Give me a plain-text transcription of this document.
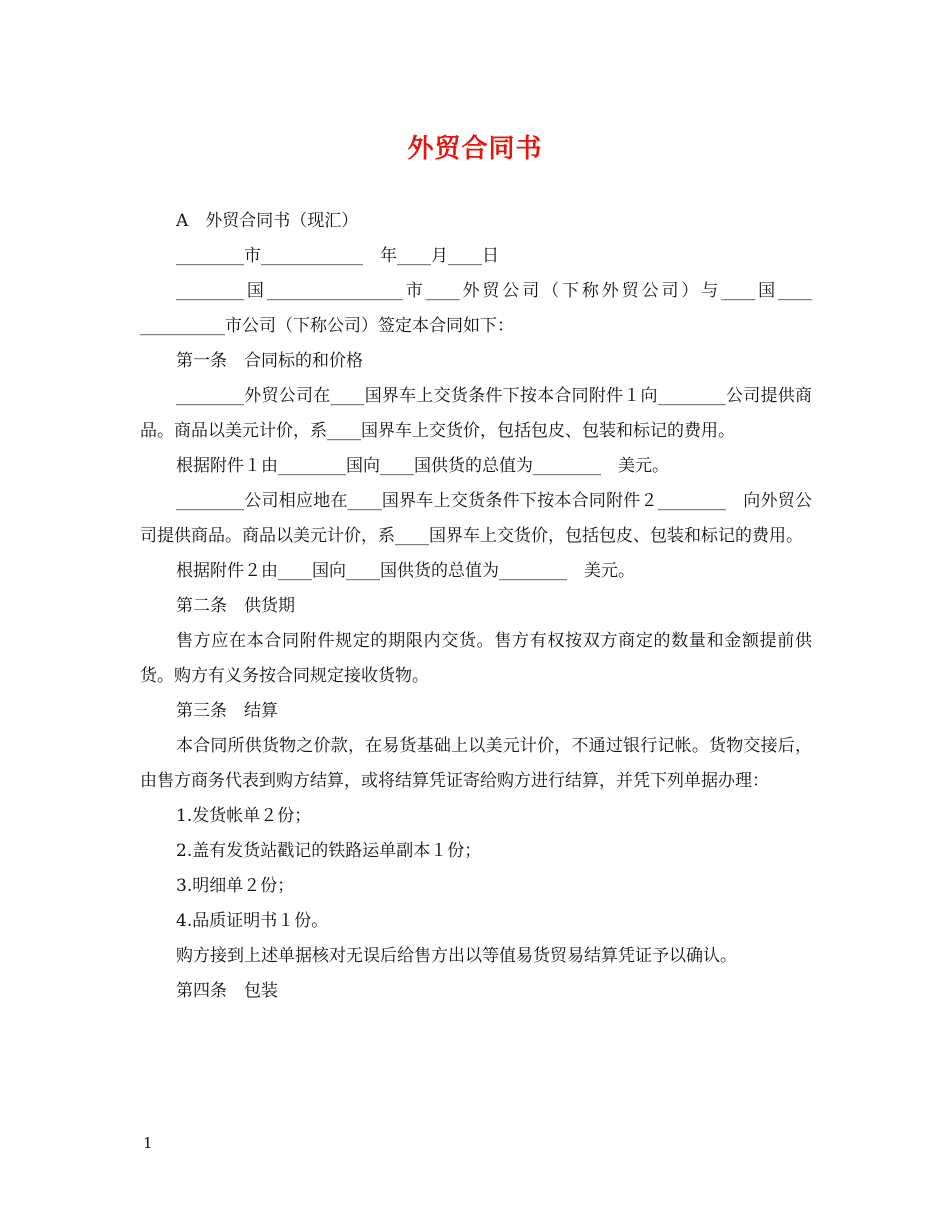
外贸合同书

A　外贸合同书（现汇）

________市____________　年____月____日

________国________________市____外贸公司（下称外贸公司）与____国____ __________市公司（下称公司）签定本合同如下：

第一条　合同标的和价格

________外贸公司在____国界车上交货条件下按本合同附件１向________公司提供商品。商品以美元计价，系____国界车上交货价，包括包皮、包装和标记的费用。

根据附件１由________国向____国供货的总值为________　美元。

________公司相应地在____国界车上交货条件下按本合同附件２________　向外贸公司提供商品。商品以美元计价，系____国界车上交货价，包括包皮、包装和标记的费用。

根据附件２由____国向____国供货的总值为________　美元。

第二条　供货期

售方应在本合同附件规定的期限内交货。售方有权按双方商定的数量和金额提前供货。购方有义务按合同规定接收货物。

第三条　结算

本合同所供货物之价款，在易货基础上以美元计价，不通过银行记帐。货物交接后，由售方商务代表到购方结算，或将结算凭证寄给购方进行结算，并凭下列单据办理：

1.发货帐单２份；

2.盖有发货站戳记的铁路运单副本１份；

3.明细单２份；

4.品质证明书１份。

购方接到上述单据核对无误后给售方出以等值易货贸易结算凭证予以确认。

第四条　包装

1
